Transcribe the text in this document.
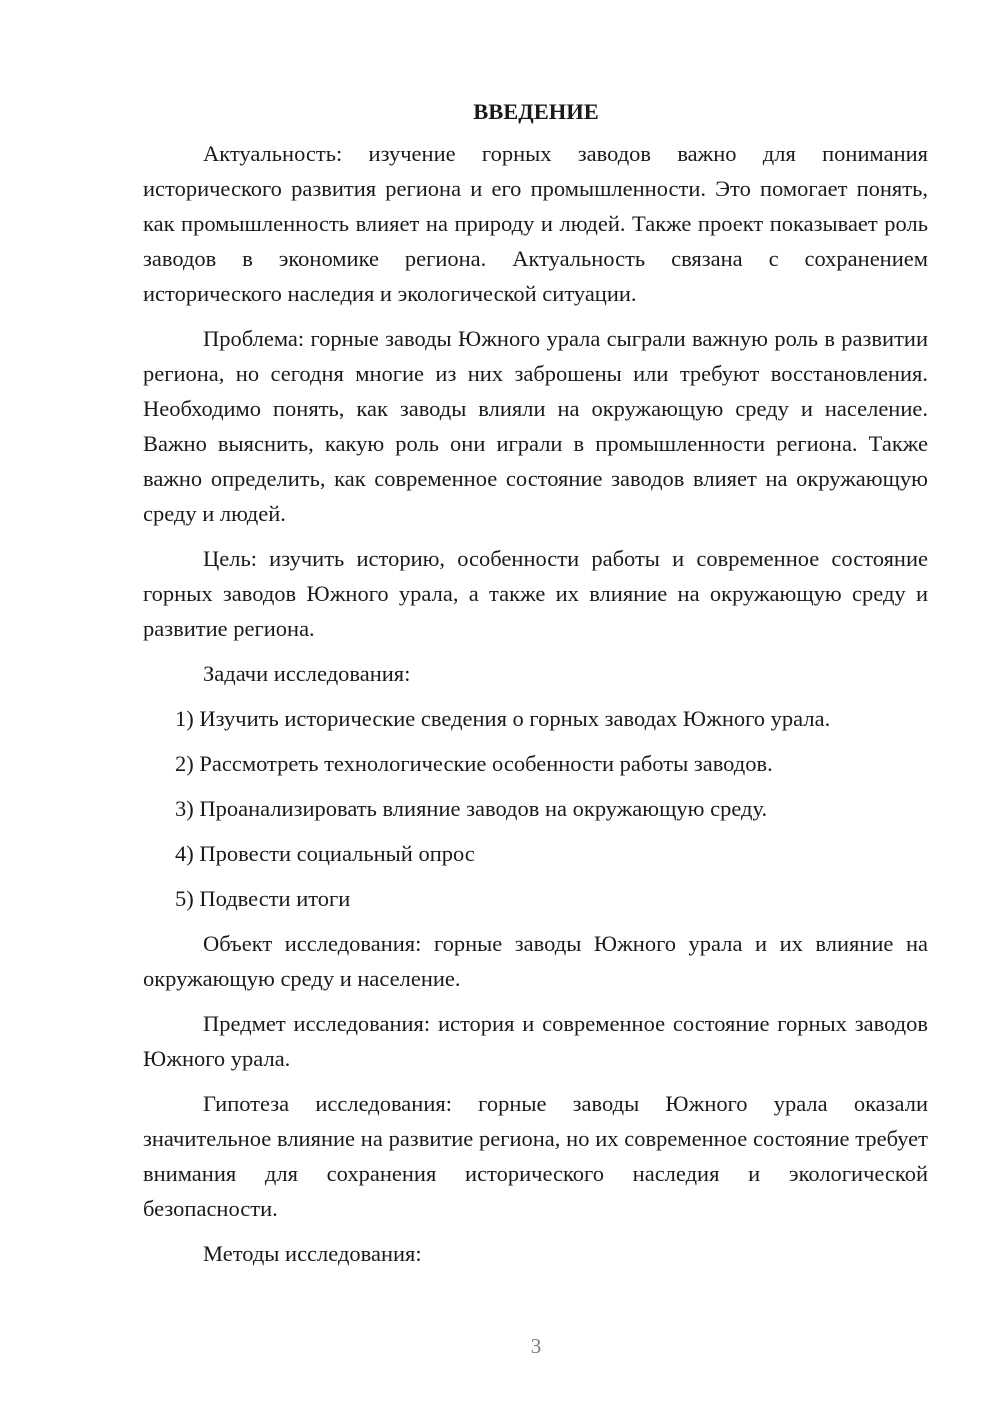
ВВЕДЕНИЕ

Актуальность: изучение горных заводов важно для понимания исторического развития региона и его промышленности. Это помогает понять, как промышленность влияет на природу и людей. Также проект показывает роль заводов в экономике региона. Актуальность связана с сохранением исторического наследия и экологической ситуации.

Проблема: горные заводы Южного урала сыграли важную роль в развитии региона, но сегодня многие из них заброшены или требуют восстановления. Необходимо понять, как заводы влияли на окружающую среду и население. Важно выяснить, какую роль они играли в промышленности региона. Также важно определить, как современное состояние заводов влияет на окружающую среду и людей.

Цель: изучить историю, особенности работы и современное состояние горных заводов Южного урала, а также их влияние на окружающую среду и развитие региона.

Задачи исследования:

1) Изучить исторические сведения о горных заводах Южного урала.

2) Рассмотреть технологические особенности работы заводов.

3) Проанализировать влияние заводов на окружающую среду.

4) Провести социальный опрос

5) Подвести итоги

Объект исследования: горные заводы Южного урала и их влияние на окружающую среду и население.

Предмет исследования: история и современное состояние горных заводов Южного урала.

Гипотеза исследования: горные заводы Южного урала оказали значительное влияние на развитие региона, но их современное состояние требует внимания для сохранения исторического наследия и экологической безопасности.

Методы исследования:

3
